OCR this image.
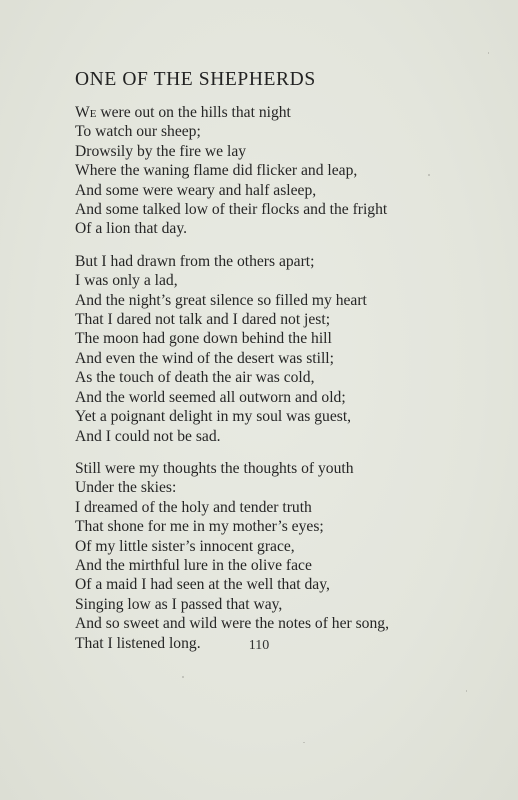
ONE OF THE SHEPHERDS
We were out on the hills that night
To watch our sheep;
Drowsily by the fire we lay
Where the waning flame did flicker and leap,
And some were weary and half asleep,
And some talked low of their flocks and the fright
Of a lion that day.
But I had drawn from the others apart;
I was only a lad,
And the night’s great silence so filled my heart
That I dared not talk and I dared not jest;
The moon had gone down behind the hill
And even the wind of the desert was still;
As the touch of death the air was cold,
And the world seemed all outworn and old;
Yet a poignant delight in my soul was guest,
And I could not be sad.
Still were my thoughts the thoughts of youth
Under the skies:
I dreamed of the holy and tender truth
That shone for me in my mother’s eyes;
Of my little sister’s innocent grace,
And the mirthful lure in the olive face
Of a maid I had seen at the well that day,
Singing low as I passed that way,
And so sweet and wild were the notes of her song,
That I listened long.	110
